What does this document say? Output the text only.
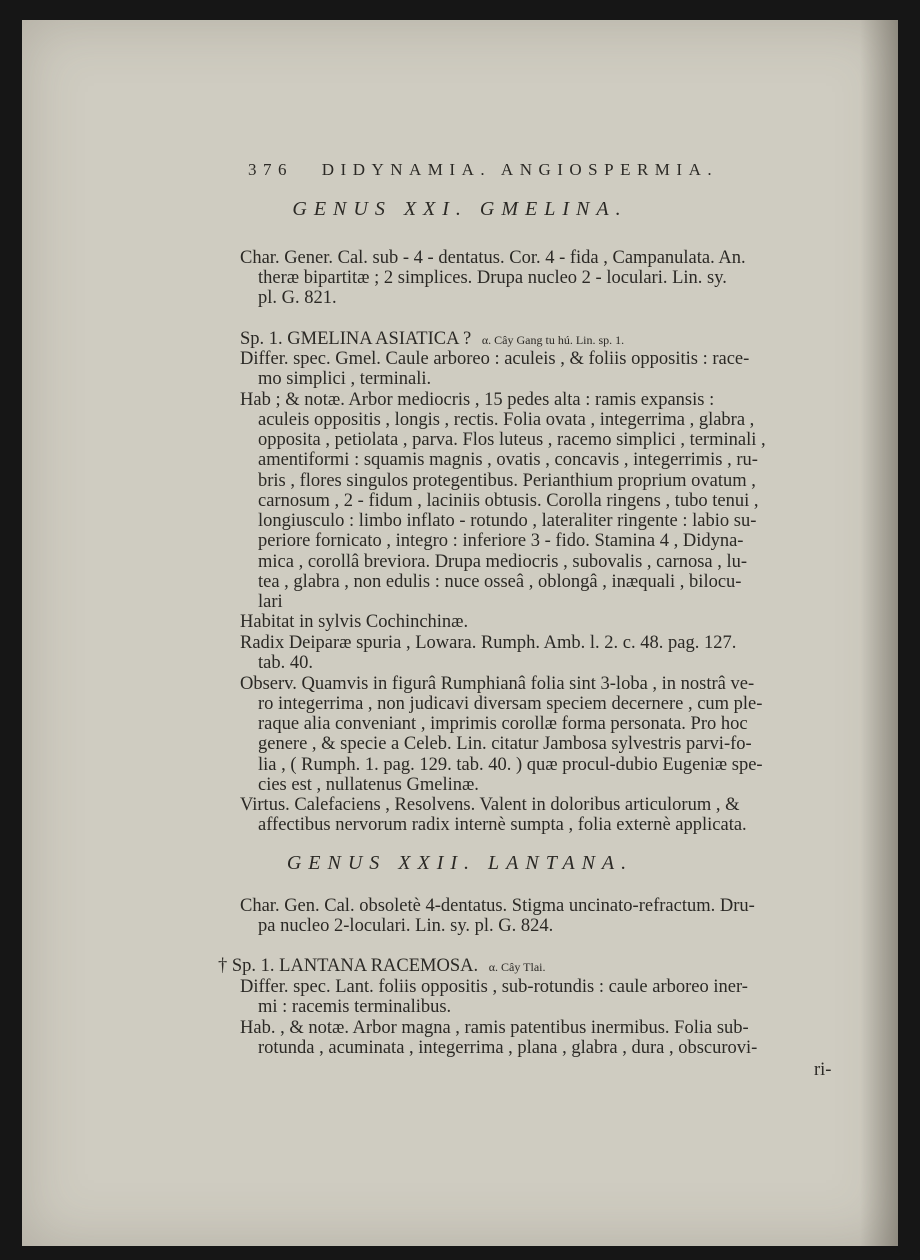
376 DIDYNAMIA. ANGIOSPERMIA.
GENUS XXI. GMELINA.
Char. Gener. Cal. sub - 4 - dentatus. Cor. 4 - fida , Campanulata. An.
theræ bipartitæ ; 2 simplices. Drupa nucleo 2 - loculari. Lin. sy.
pl. G. 821.
Sp. 1. GMELINA ASIATICA ? α. Cây Gang tu hú. Lin. sp. 1.
Differ. spec. Gmel. Caule arboreo : aculeis , & foliis oppositis : race-
mo simplici , terminali.
Hab ; & notæ. Arbor mediocris , 15 pedes alta : ramis expansis :
aculeis oppositis , longis , rectis. Folia ovata , integerrima , glabra ,
opposita , petiolata , parva. Flos luteus , racemo simplici , terminali ,
amentiformi : squamis magnis , ovatis , concavis , integerrimis , ru-
bris , flores singulos protegentibus. Perianthium proprium ovatum ,
carnosum , 2 - fidum , laciniis obtusis. Corolla ringens , tubo tenui ,
longiusculo : limbo inflato - rotundo , lateraliter ringente : labio su-
periore fornicato , integro : inferiore 3 - fido. Stamina 4 , Didyna-
mica , corollâ breviora. Drupa mediocris , subovalis , carnosa , lu-
tea , glabra , non edulis : nuce osseâ , oblongâ , inæquali , bilocu-
lari
Habitat in sylvis Cochinchinæ.
Radix Deiparæ spuria , Lowara. Rumph. Amb. l. 2. c. 48. pag. 127.
tab. 40.
Observ. Quamvis in figurâ Rumphianâ folia sint 3-loba , in nostrâ ve-
ro integerrima , non judicavi diversam speciem decernere , cum ple-
raque alia conveniant , imprimis corollæ forma personata. Pro hoc
genere , & specie a Celeb. Lin. citatur Jambosa sylvestris parvi-fo-
lia , ( Rumph. 1. pag. 129. tab. 40. ) quæ procul-dubio Eugeniæ spe-
cies est , nullatenus Gmelinæ.
Virtus. Calefaciens , Resolvens. Valent in doloribus articulorum , &
affectibus nervorum radix internè sumpta , folia externè applicata.
GENUS XXII. LANTANA.
Char. Gen. Cal. obsoletè 4-dentatus. Stigma uncinato-refractum. Dru-
pa nucleo 2-loculari. Lin. sy. pl. G. 824.
† Sp. 1. LANTANA RACEMOSA. α. Cây Tlai.
Differ. spec. Lant. foliis oppositis , sub-rotundis : caule arboreo iner-
mi : racemis terminalibus.
Hab. , & notæ. Arbor magna , ramis patentibus inermibus. Folia sub-
rotunda , acuminata , integerrima , plana , glabra , dura , obscurovi-
ri-
